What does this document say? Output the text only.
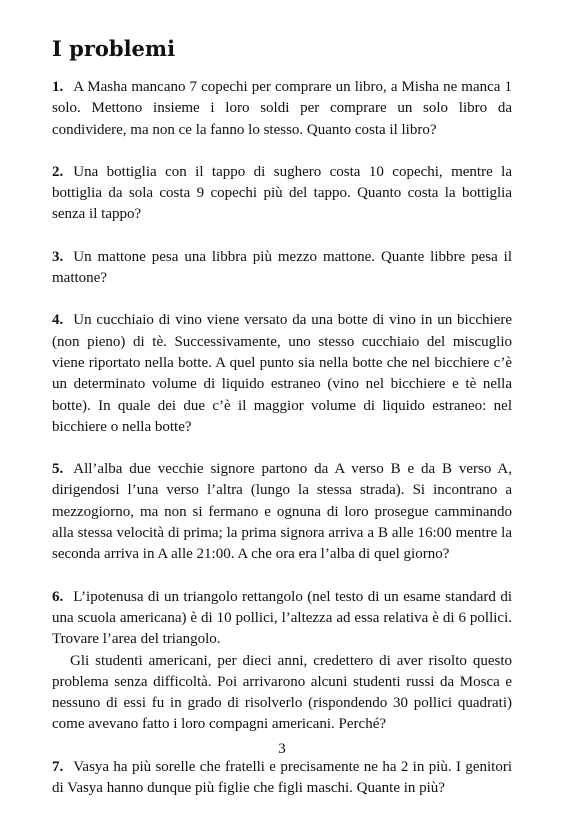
I problemi

1. A Masha mancano 7 copechi per comprare un libro, a Misha ne manca 1 solo. Mettono insieme i loro soldi per comprare un solo libro da condividere, ma non ce la fanno lo stesso. Quanto costa il libro?

2. Una bottiglia con il tappo di sughero costa 10 copechi, mentre la bottiglia da sola costa 9 copechi più del tappo. Quanto costa la bottiglia senza il tappo?

3. Un mattone pesa una libbra più mezzo mattone. Quante libbre pesa il mattone?

4. Un cucchiaio di vino viene versato da una botte di vino in un bicchiere (non pieno) di tè. Successivamente, uno stesso cucchiaio del miscuglio viene riportato nella botte. A quel punto sia nella botte che nel bicchiere c’è un determinato volume di liquido estraneo (vino nel bicchiere e tè nella botte). In quale dei due c’è il maggior volume di liquido estraneo: nel bicchiere o nella botte?

5. All’alba due vecchie signore partono da A verso B e da B verso A, dirigendosi l’una verso l’altra (lungo la stessa strada). Si incontrano a mezzogiorno, ma non si fermano e ognuna di loro prosegue camminando alla stessa velocità di prima; la prima signora arriva a B alle 16:00 mentre la seconda arriva in A alle 21:00. A che ora era l’alba di quel giorno?

6. L’ipotenusa di un triangolo rettangolo (nel testo di un esame standard di una scuola americana) è di 10 pollici, l’altezza ad essa relativa è di 6 pollici. Trovare l’area del triangolo.

Gli studenti americani, per dieci anni, credettero di aver risolto questo problema senza difficoltà. Poi arrivarono alcuni studenti russi da Mosca e nessuno di essi fu in grado di risolverlo (rispondendo 30 pollici quadrati) come avevano fatto i loro compagni americani. Perché?

7. Vasya ha più sorelle che fratelli e precisamente ne ha 2 in più. I genitori di Vasya hanno dunque più figlie che figli maschi. Quante in più?

3
